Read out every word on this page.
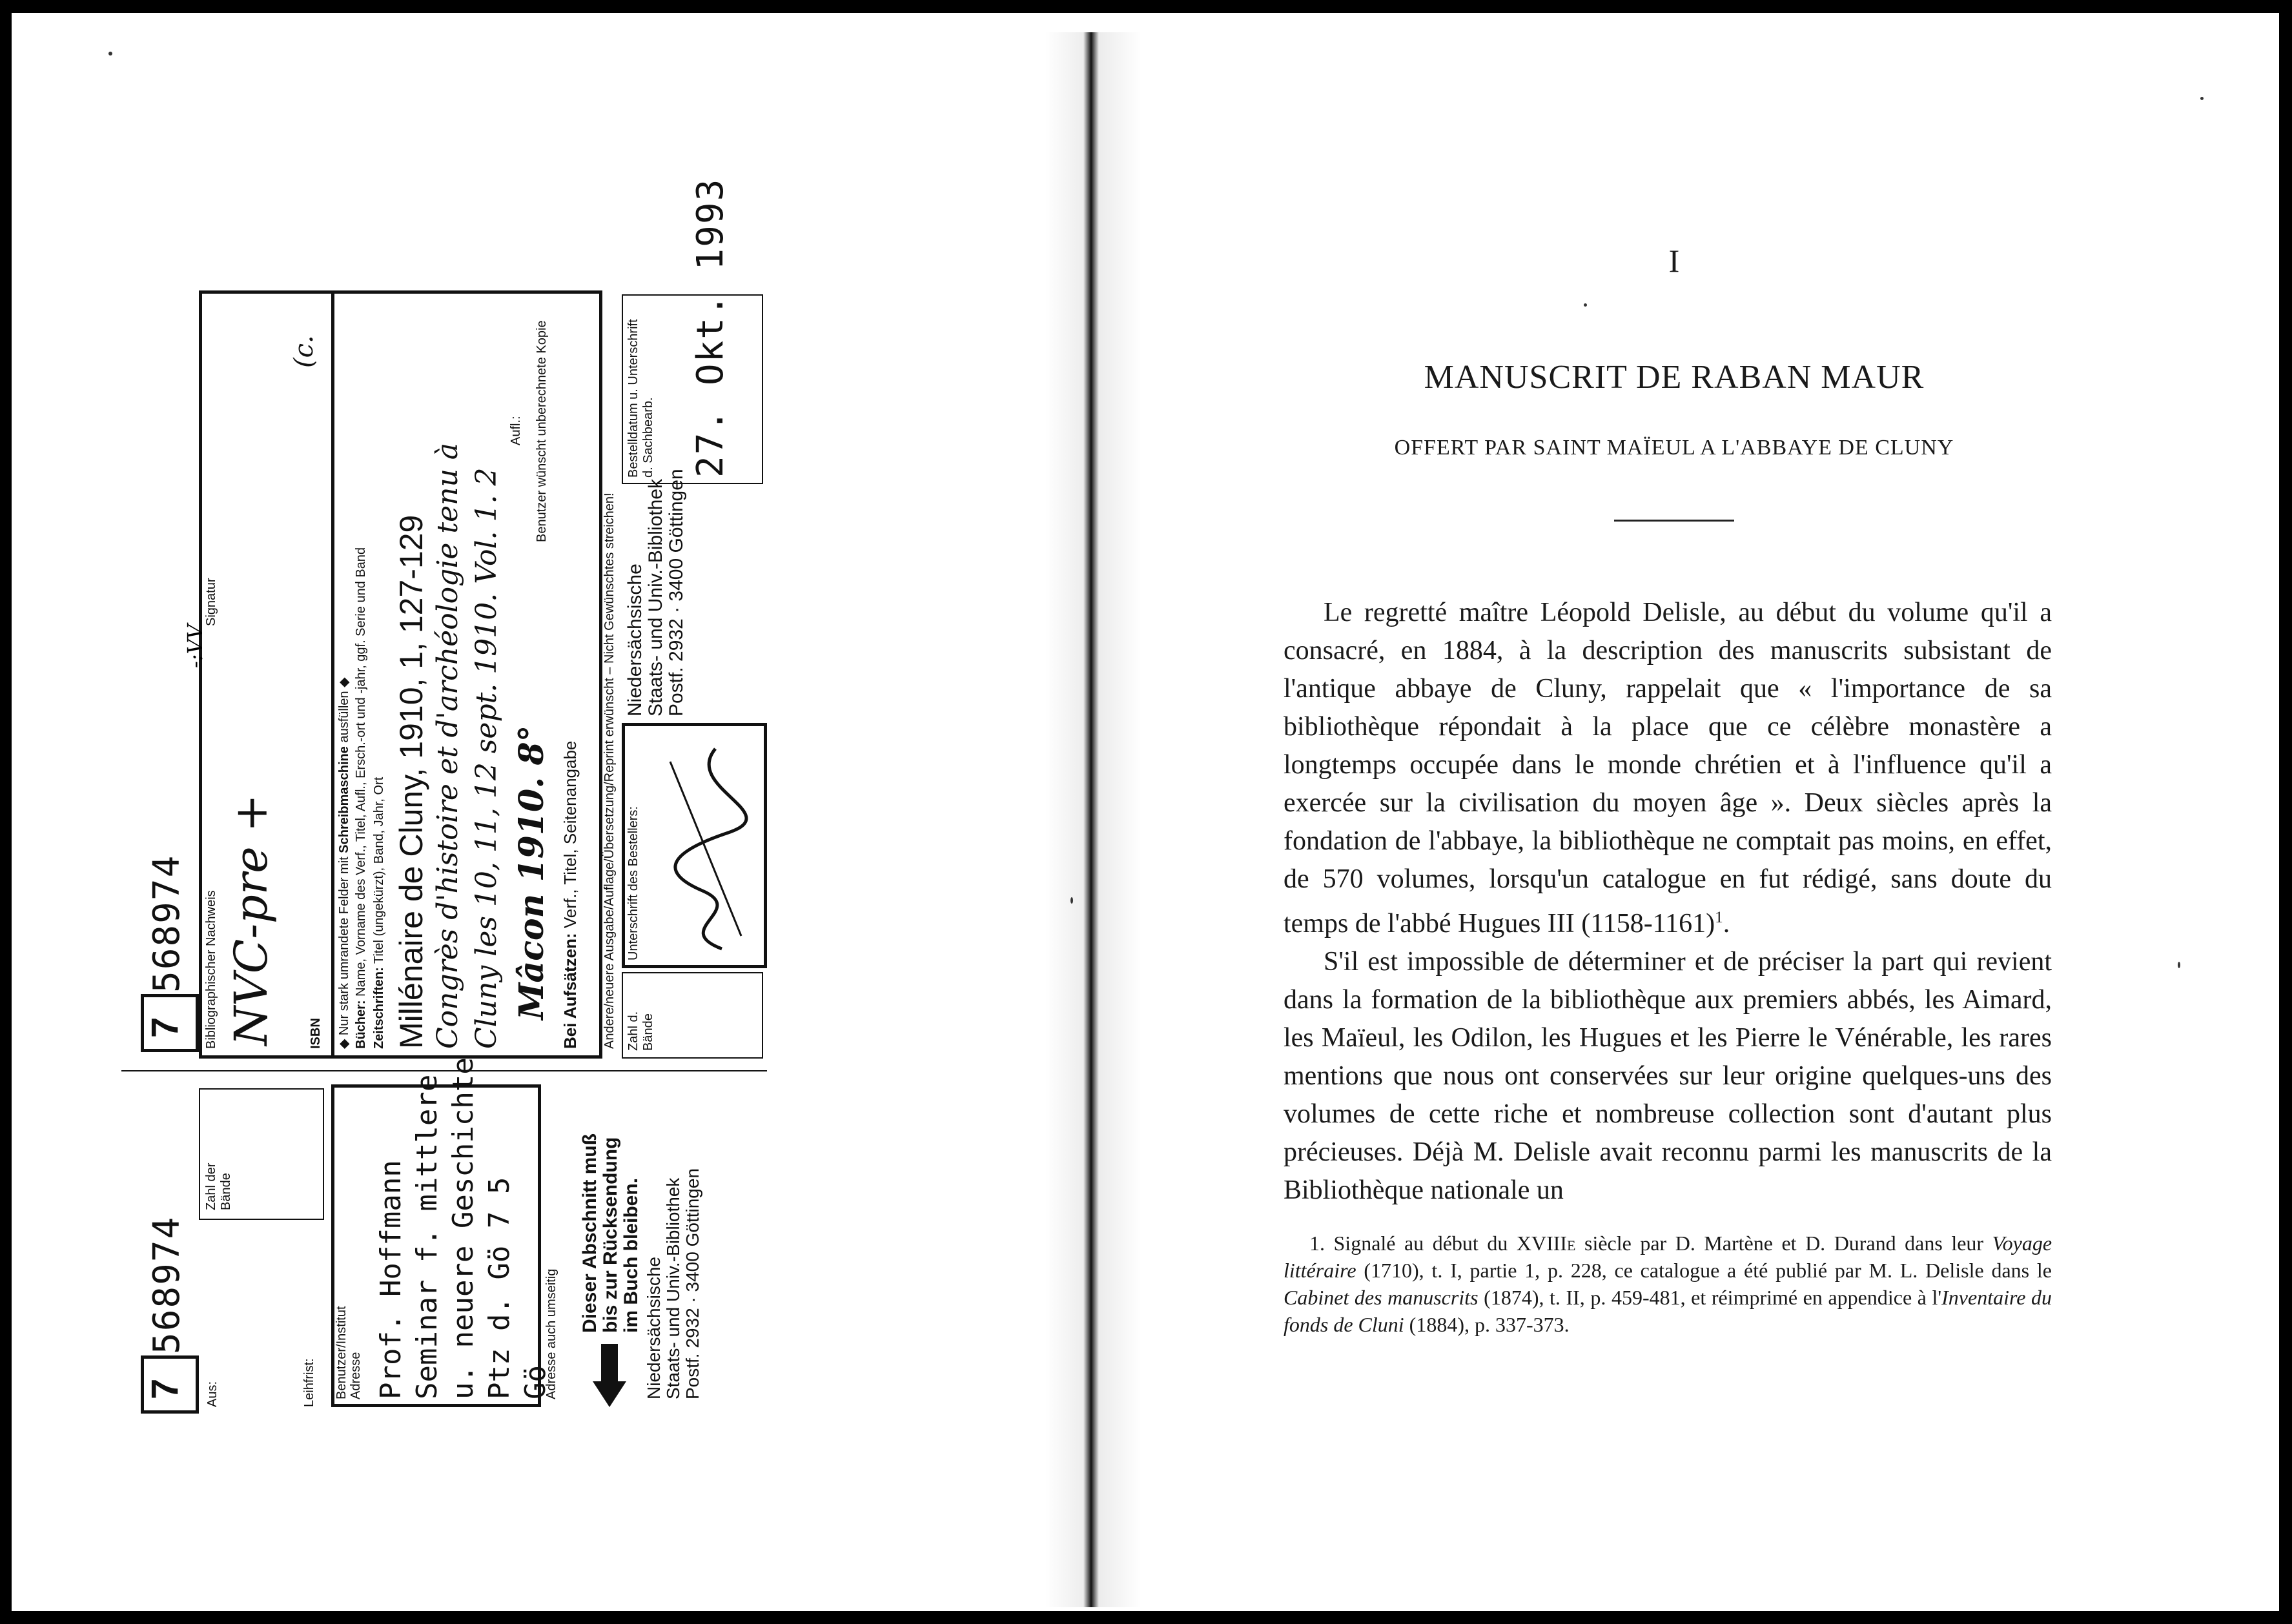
7
568974
Aus:
Zahl der Bände
Leihfrist: Benutzer/Institut Adresse Prof. Hoffmann Seminar f. mittlere u. neuere Geschichte Ptz d. Gö 7 5 Gö
Adresse auch umseitig
Dieser Abschnitt muß bis zur Rücksendung im Buch bleiben. Niedersächsische Staats- und Univ.-Bibliothek Postf. 2932 · 3400 Göttingen
7
568974 Bibliographischer Nachweis NVC-pre +
Signatur
(c.
ISBN ◆ Nur stark umrandete Felder mit Schreibmaschine ausfüllen ◆
Bücher: Name, Vorname des Verf., Titel, Aufl., Ersch.-ort und -jahr, ggf. Serie und Band
Zeitschriften: Titel (ungekürzt), Band, Jahr, Ort Millénaire de Cluny, 1910, 1, 127-129 Congrès d'histoire et d'archéologie tenu à Cluny les 10, 11, 12 sept. 1910. Vol. 1. 2 Mâcon 1910. 8°
Aufl.:
Bei Aufsätzen: Verf., Titel, Seitenangabe
Benutzer wünscht unberechnete Kopie
Andere/neuere Ausgabe/Auflage/Übersetzung/Reprint erwünscht – Nicht Gewünschtes streichen! Zahl d. Bände
Unterschrift des Bestellers:
Niedersächsische Staats- und Univ.-Bibliothek Postf. 2932 · 3400 Göttingen
Bestelldatum u. Unterschrift d. Sachbearb. 27. Okt. 1993
-:VV
I
MANUSCRIT DE RABAN MAUR
OFFERT PAR SAINT MAÏEUL A L'ABBAYE DE CLUNY

Le regretté maître Léopold Delisle, au début du volume qu'il a consacré, en 1884, à la description des manuscrits subsistant de l'antique abbaye de Cluny, rappelait que « l'importance de sa bibliothèque répondait à la place que ce célèbre monastère a longtemps occupée dans le monde chrétien et à l'influence qu'il a exercée sur la civilisation du moyen âge ». Deux siècles après la fondation de l'abbaye, la bibliothèque ne comptait pas moins, en effet, de 570 volumes, lorsqu'un catalogue en fut rédigé, sans doute du temps de l'abbé Hugues III (1158-1161)$^1$.

S'il est impossible de déterminer et de préciser la part qui revient dans la formation de la bibliothèque aux premiers abbés, les Aimard, les Maïeul, les Odilon, les Hugues et les Pierre le Vénérable, les rares mentions que nous ont conservées sur leur origine quelques-uns des volumes de cette riche et nombreuse collection sont d'autant plus précieuses. Déjà M. Delisle avait reconnu parmi les manuscrits de la Bibliothèque nationale un

1. Signalé au début du XVIIIe siècle par D. Martène et D. Durand dans leur Voyage littéraire (1710), t. I, partie 1, p. 228, ce catalogue a été publié par M. L. Delisle dans le Cabinet des manuscrits (1874), t. II, p. 459-481, et réimprimé en appendice à l'Inventaire du fonds de Cluni (1884), p. 337-373.
